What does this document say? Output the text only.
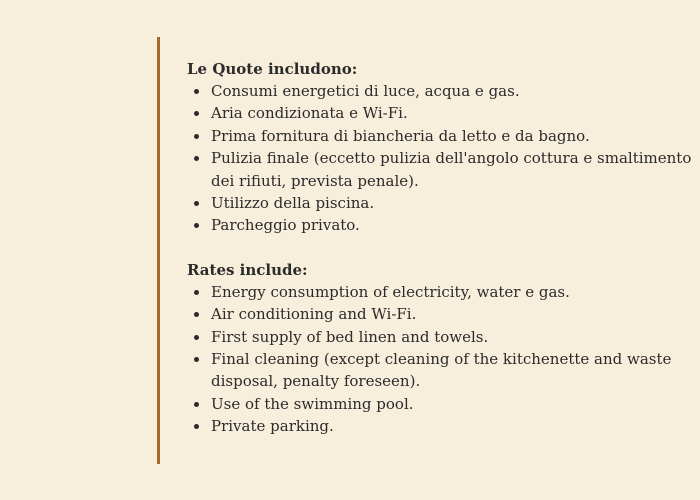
Le Quote includono:

Consumi energetici di luce, acqua e gas.
Aria condizionata e Wi-Fi.
Prima fornitura di biancheria da letto e da bagno.
Pulizia finale (eccetto pulizia dell'angolo cottura e smaltimento dei rifiuti, prevista penale).
Utilizzo della piscina.
Parcheggio privato.

Rates include:

Energy consumption of electricity, water e gas.
Air conditioning and Wi-Fi.
First supply of bed linen and towels.
Final cleaning (except cleaning of the kitchenette and waste disposal, penalty foreseen).
Use of the swimming pool.
Private parking.
